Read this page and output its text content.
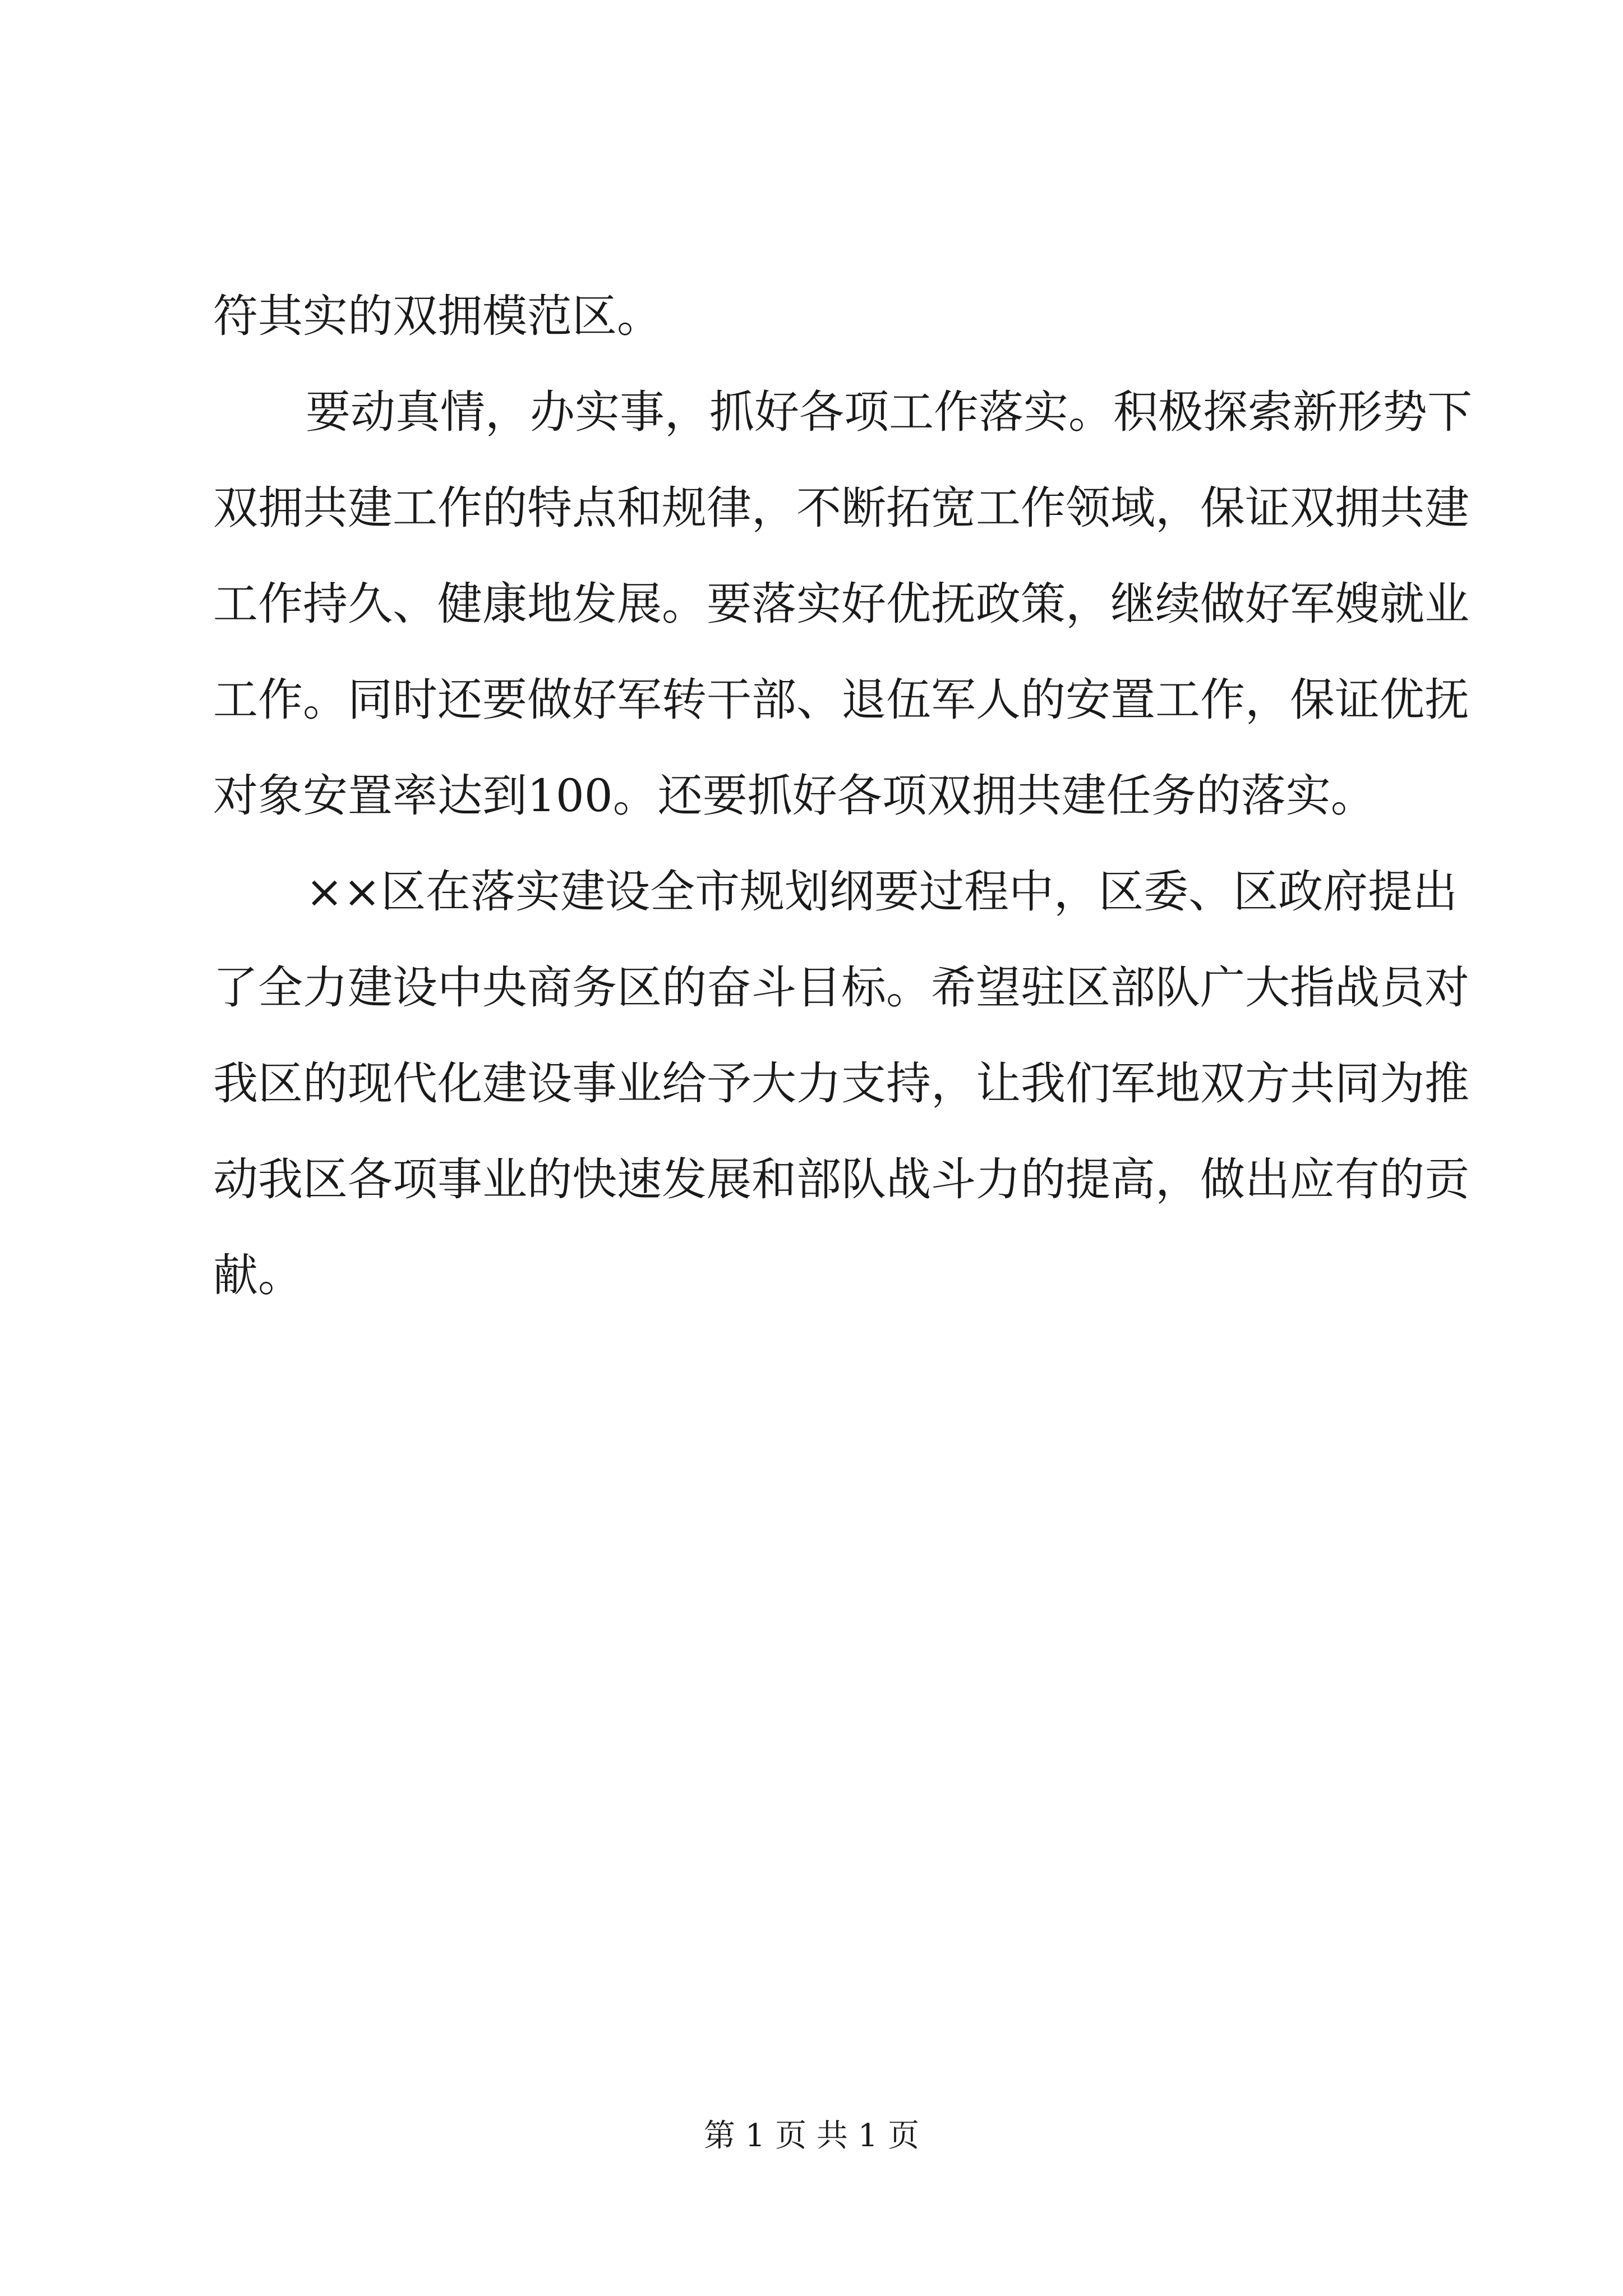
符其实的双拥模范区。
要动真情，办实事，抓好各项工作落实。积极探索新形势下
双拥共建工作的特点和规律，不断拓宽工作领域，保证双拥共建
工作持久、健康地发展。要落实好优抚政策，继续做好军嫂就业
工作。同时还要做好军转干部、退伍军人的安置工作，保证优抚
对象安置率达到100。还要抓好各项双拥共建任务的落实。
××区在落实建设全市规划纲要过程中，区委、区政府提出
了全力建设中央商务区的奋斗目标。希望驻区部队广大指战员对
我区的现代化建设事业给予大力支持，让我们军地双方共同为推
动我区各项事业的快速发展和部队战斗力的提高，做出应有的贡
献。
第 1 页 共 1 页
